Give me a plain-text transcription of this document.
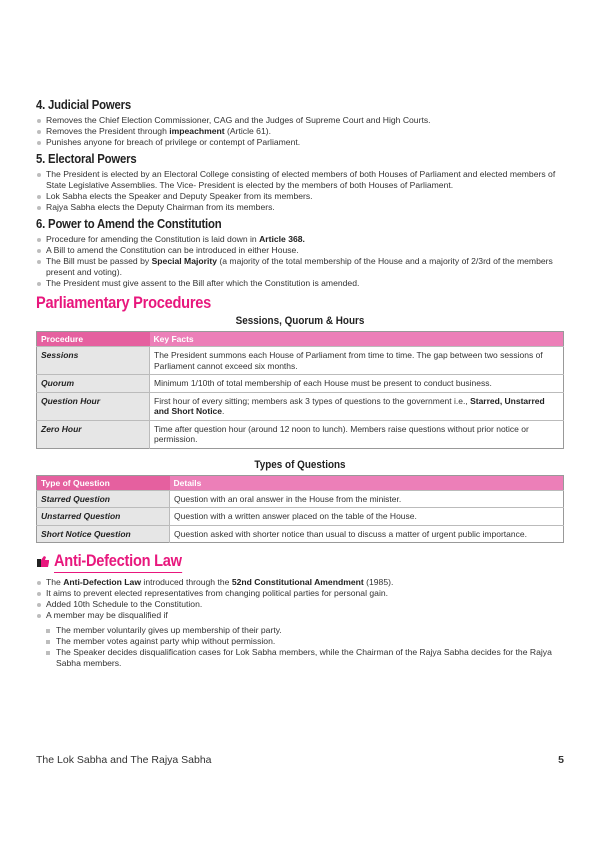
4. Judicial Powers
Removes the Chief Election Commissioner, CAG and the Judges of Supreme Court and High Courts.
Removes the President through impeachment (Article 61).
Punishes anyone for breach of privilege or contempt of Parliament.
5. Electoral Powers
The President is elected by an Electoral College consisting of elected members of both Houses of Parliament and elected members of State Legislative Assemblies. The Vice- President is elected by the members of both Houses of Parliament.
Lok Sabha elects the Speaker and Deputy Speaker from its members.
Rajya Sabha elects the Deputy Chairman from its members.
6. Power to Amend the Constitution
Procedure for amending the Constitution is laid down in Article 368.
A Bill to amend the Constitution can be introduced in either House.
The Bill must be passed by Special Majority (a majority of the total membership of the House and a majority of 2/3rd of the members present and voting).
The President must give assent to the Bill after which the Constitution is amended.
Parliamentary Procedures
Sessions, Quorum & Hours
Procedure	Key Facts
Sessions	The President summons each House of Parliament from time to time. The gap between two sessions of Parliament cannot exceed six months.
Quorum	Minimum 1/10th of total membership of each House must be present to conduct business.
Question Hour	First hour of every sitting; members ask 3 types of questions to the government i.e., Starred, Unstarred and Short Notice.
Zero Hour	Time after question hour (around 12 noon to lunch). Members raise questions without prior notice or permission.
Types of Questions
Type of Question	Details
Starred Question	Question with an oral answer in the House from the minister.
Unstarred Question	Question with a written answer placed on the table of the House.
Short Notice Question	Question asked with shorter notice than usual to discuss a matter of urgent public importance.
Anti-Defection Law
The Anti-Defection Law introduced through the 52nd Constitutional Amendment (1985).
It aims to prevent elected representatives from changing political parties for personal gain.
Added 10th Schedule to the Constitution.
A member may be disqualified if
The member voluntarily gives up membership of their party.
The member votes against party whip without permission.
The Speaker decides disqualification cases for Lok Sabha members, while the Chairman of the Rajya Sabha decides for the Rajya Sabha members.
The Lok Sabha and The Rajya Sabha	5
